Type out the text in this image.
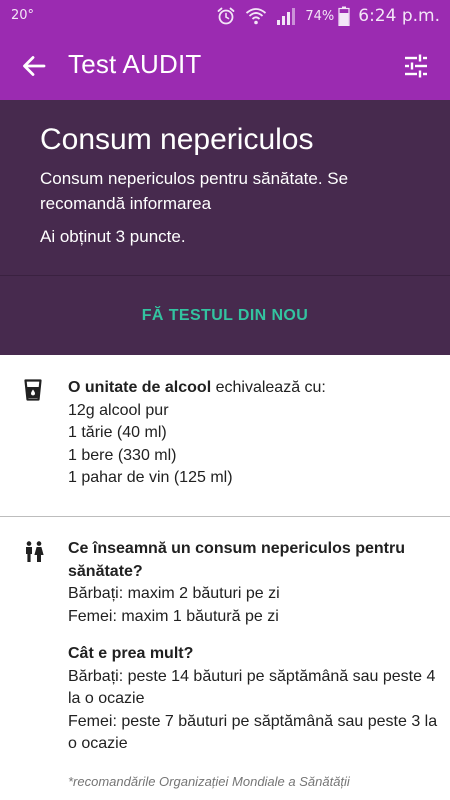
20°	74% 6:24 p.m.
Test AUDIT
Consum nepericulos
Consum nepericulos pentru sănătate. Se recomandă informarea
Ai obținut 3 puncte.
FĂ TESTUL DIN NOU
O unitate de alcool echivalează cu:
12g alcool pur
1 tărie (40 ml)
1 bere (330 ml)
1 pahar de vin (125 ml)
Ce înseamnă un consum nepericulos pentru sănătate?
Bărbați: maxim 2 băuturi pe zi
Femei: maxim 1 băutură pe zi
Cât e prea mult?
Bărbați: peste 14 băuturi pe săptămână sau peste 4 la o ocazie
Femei: peste 7 băuturi pe săptămână sau peste 3 la o ocazie
*recomandările Organizației Mondiale a Sănătății
